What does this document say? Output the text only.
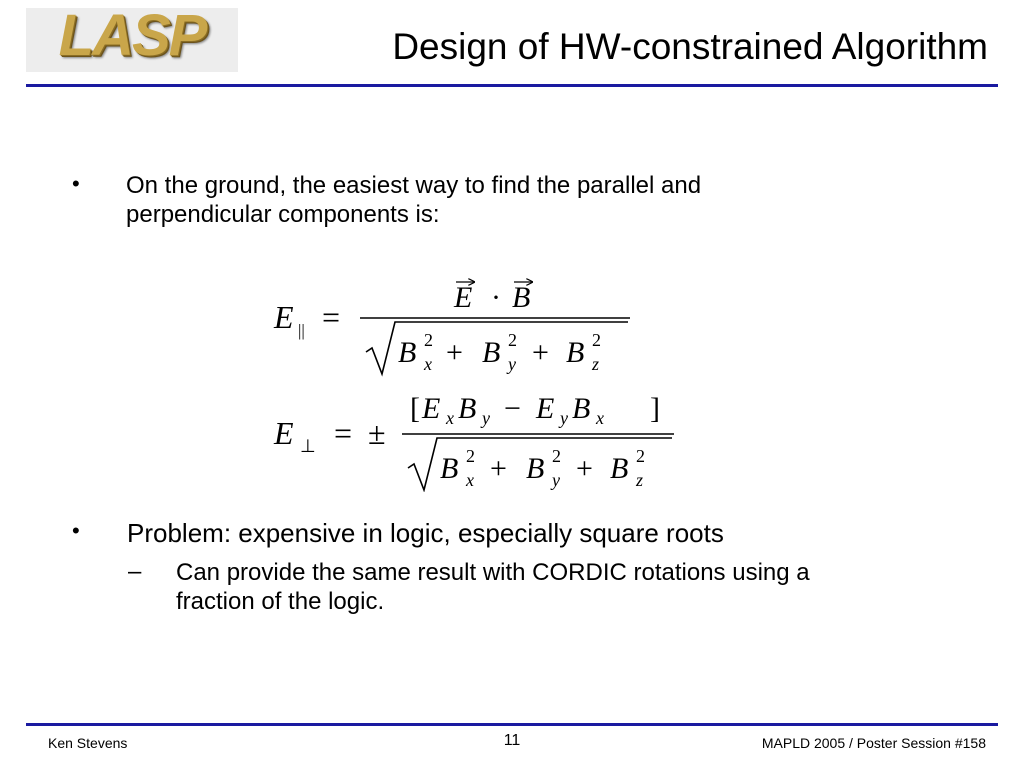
LASP	Design of HW-constrained Algorithm
• On the ground, the easiest way to find the parallel and perpendicular components is:
E || =
E · B
B 2
x + B 2
y + B 2
z
E ⊥ = ±
[ E x B y − E y B x ]
B 2
x + B 2
y + B 2
z
• Problem: expensive in logic, especially square roots
– Can provide the same result with CORDIC rotations using a fraction of the logic.
Ken Stevens	11	MAPLD 2005 / Poster Session #158
